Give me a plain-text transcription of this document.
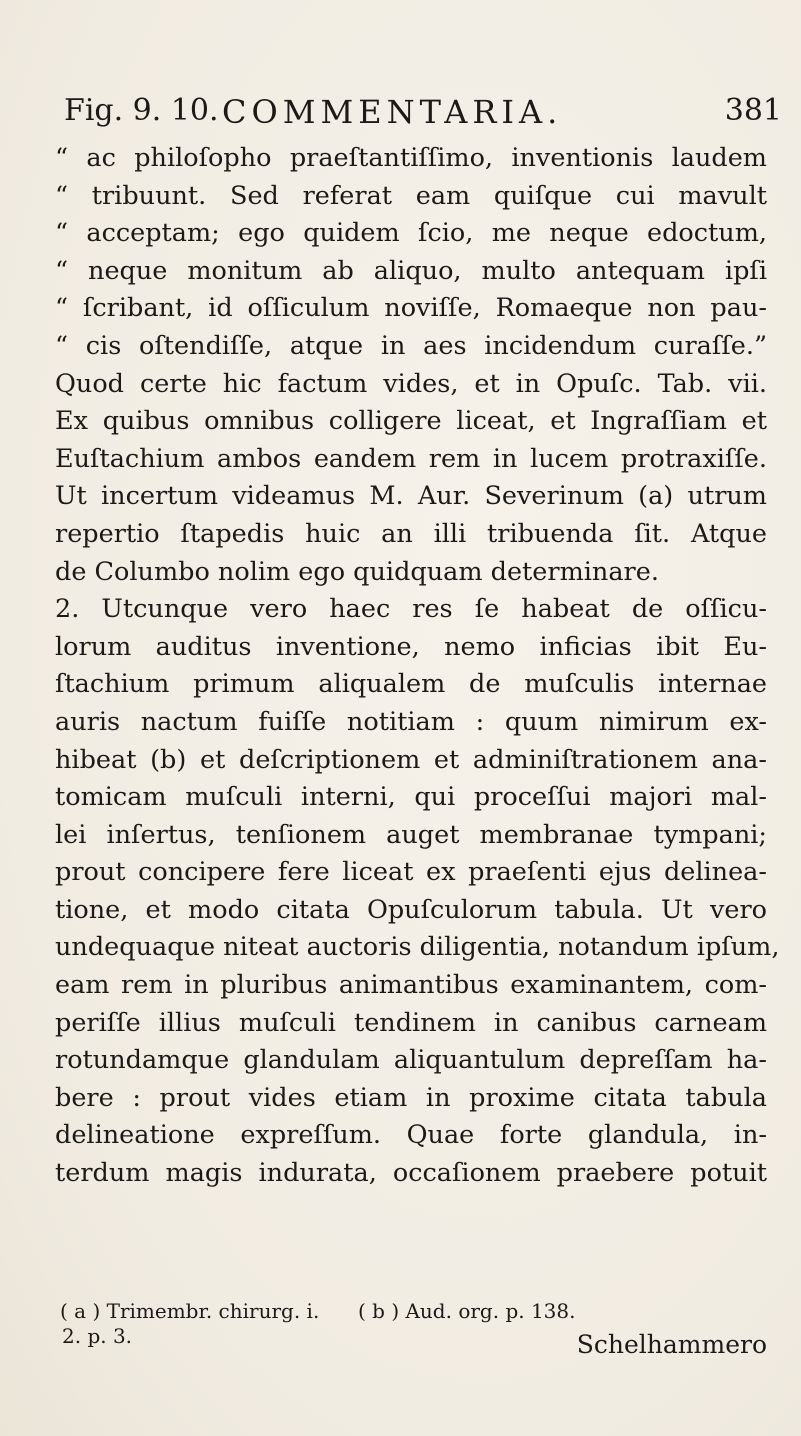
Fig. 9. 10. COMMENTARIA.	381
“ ac philoſopho praeſtantiſſimo, inventionis laudem
“ tribuunt. Sed referat eam quiſque cui mavult
“ acceptam; ego quidem ſcio, me neque edoctum,
“ neque monitum ab aliquo, multo antequam ipſi
“ ſcribant, id oſſiculum noviſſe, Romaeque non pau-
“ cis oſtendiſſe, atque in aes incidendum curaſſe.”
Quod certe hic factum vides, et in Opuſc. Tab. vii.
Ex quibus omnibus colligere liceat, et Ingraſſiam et
Euſtachium ambos eandem rem in lucem protraxiſſe.
Ut incertum videamus M. Aur. Severinum (a) utrum
repertio ſtapedis huic an illi tribuenda ſit. Atque
de Columbo nolim ego quidquam determinare.
2. Utcunque vero haec res ſe habeat de oſſicu-
lorum auditus inventione, nemo inficias ibit Eu-
ſtachium primum aliqualem de muſculis internae
auris nactum fuiſſe notitiam : quum nimirum ex-
hibeat (b) et deſcriptionem et adminiſtrationem ana-
tomicam muſculi interni, qui proceſſui majori mal-
lei inſertus, tenſionem auget membranae tympani;
prout concipere fere liceat ex praeſenti ejus delinea-
tione, et modo citata Opuſculorum tabula. Ut vero
undequaque niteat auctoris diligentia, notandum ipſum,
eam rem in pluribus animantibus examinantem, com-
periſſe illius muſculi tendinem in canibus carneam
rotundamque glandulam aliquantulum depreſſam ha-
bere : prout vides etiam in proxime citata tabula
delineatione expreſſum. Quae forte glandula, in-
terdum magis indurata, occaſionem praebere potuit
( a ) Trimembr. chirurg. i. ( b ) Aud. org. p. 138.
2. p. 3.	Schelhammero
